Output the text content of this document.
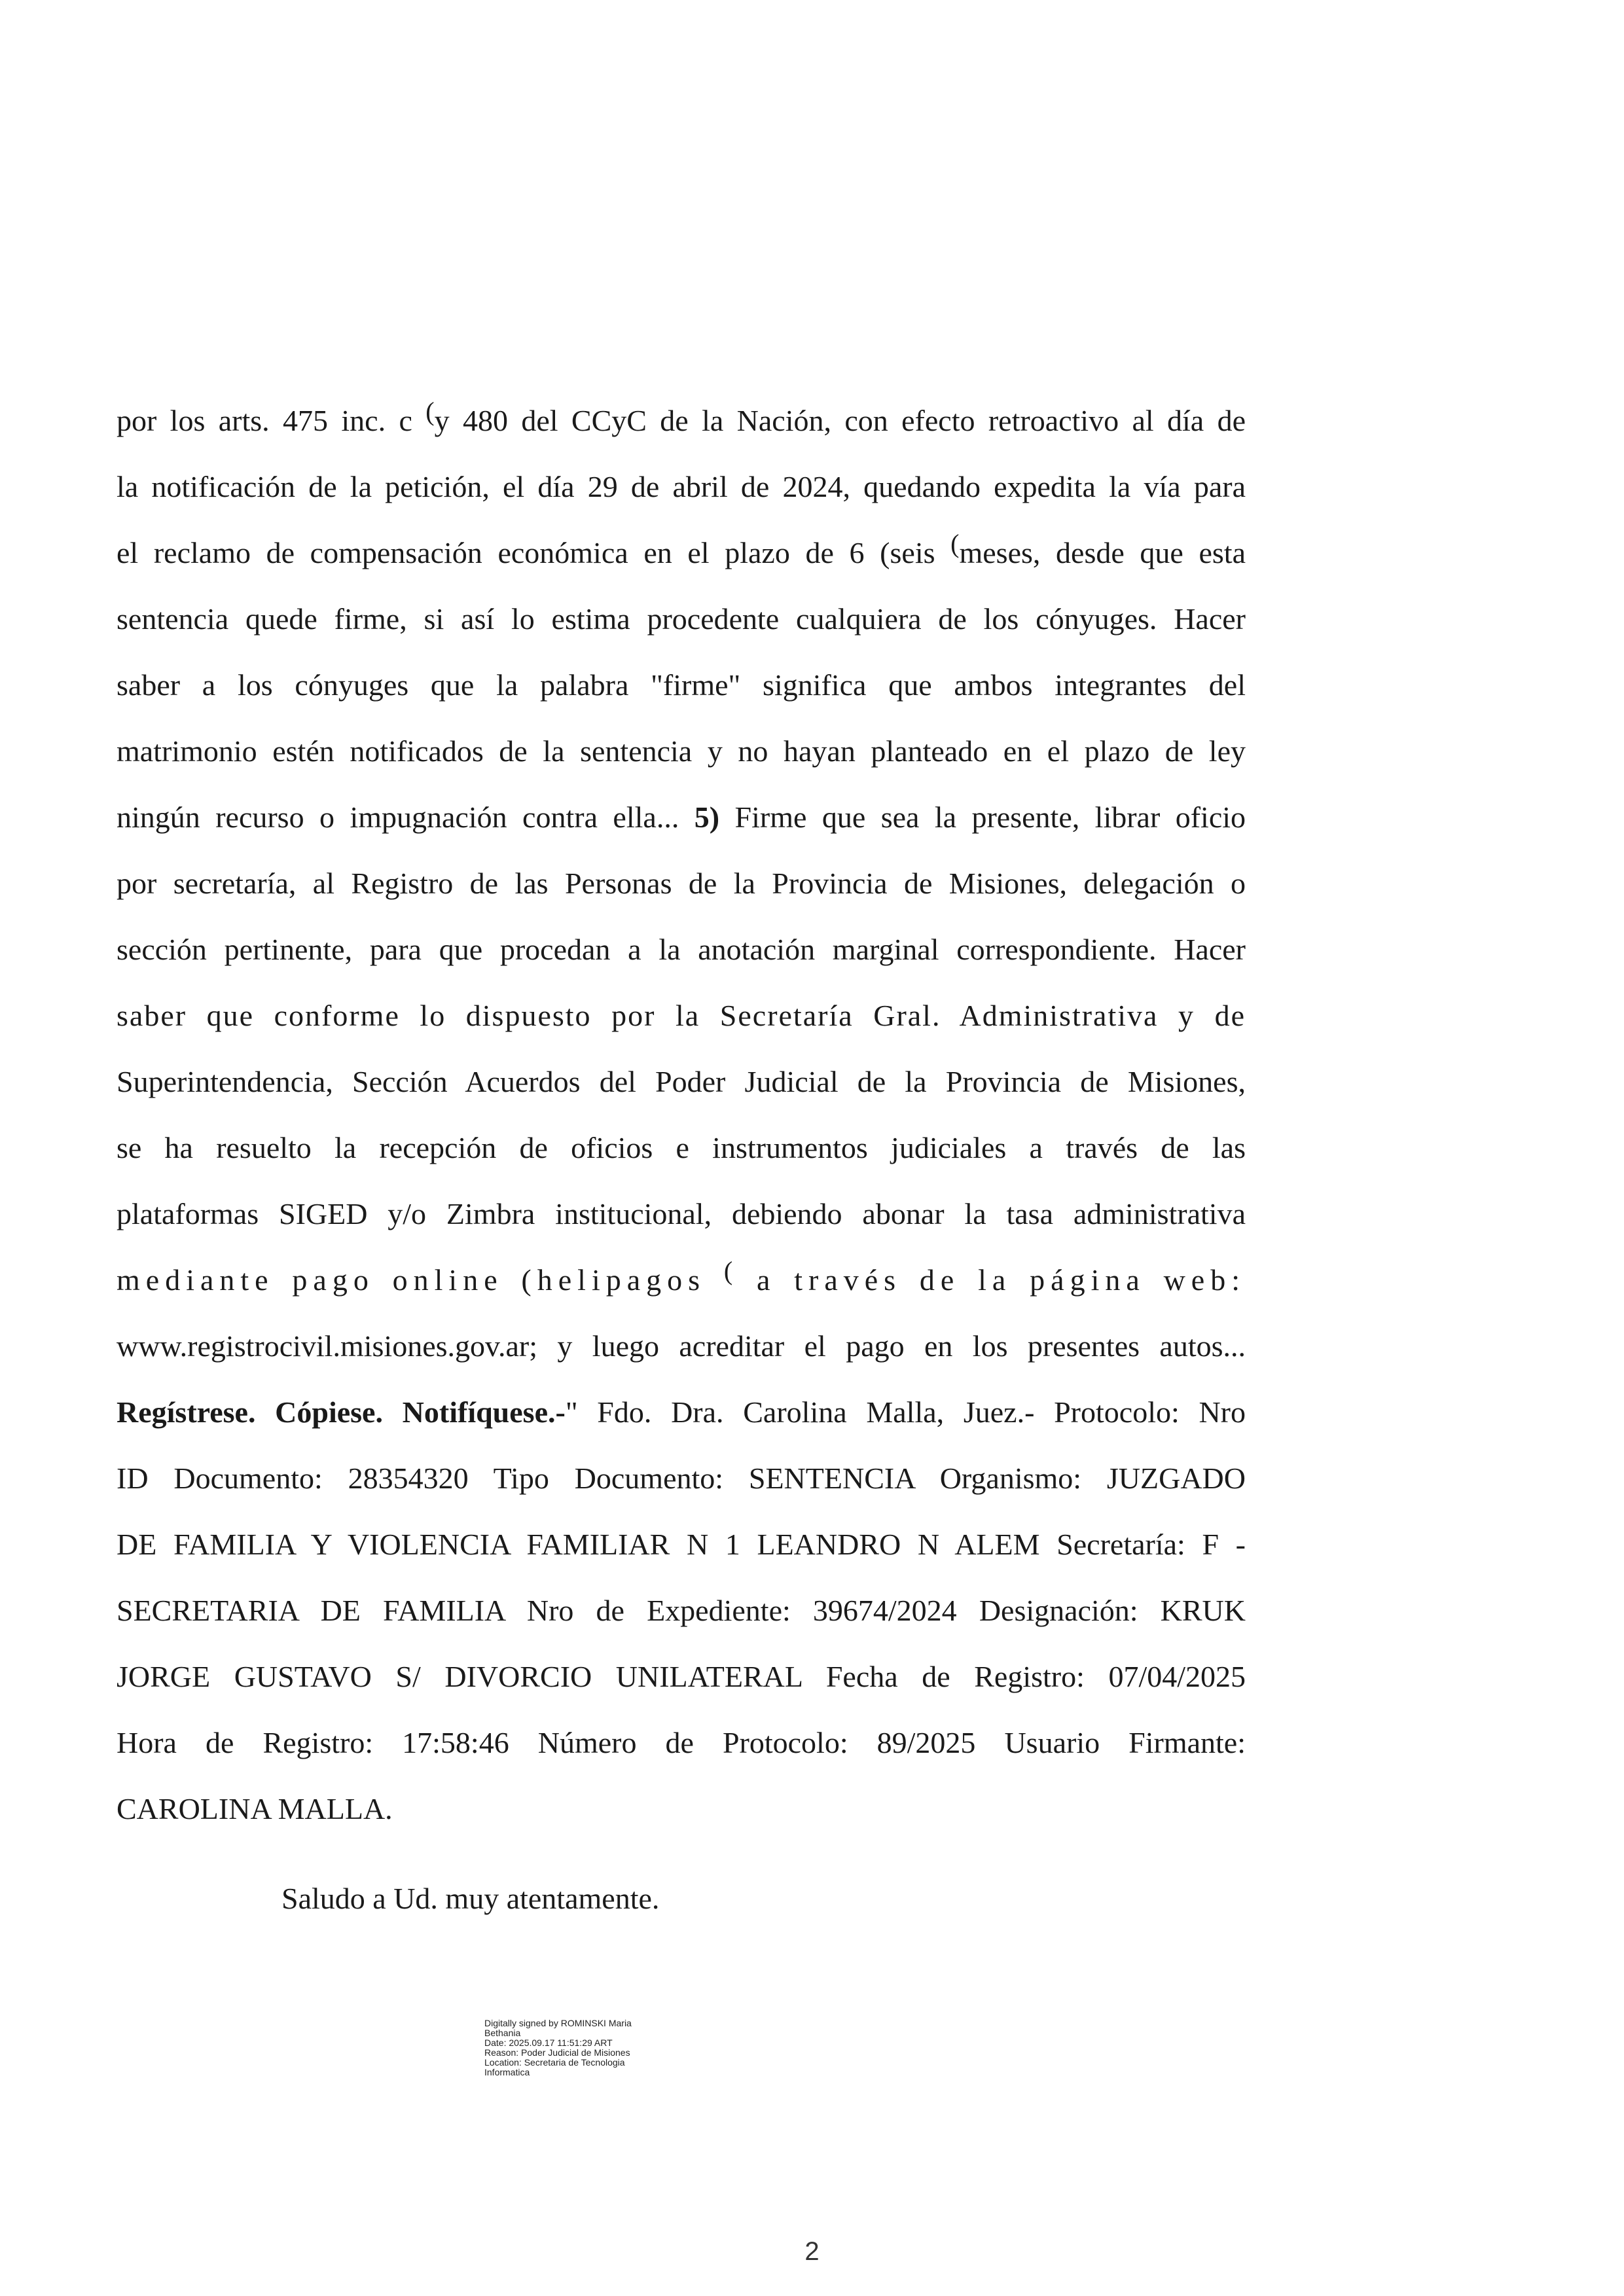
por los arts. 475 inc. c (y 480 del CCyC de la Nación, con efecto retroactivo al día de
la notificación de la petición, el día 29 de abril de 2024, quedando expedita la vía para
el reclamo de compensación económica en el plazo de 6 (seis (meses, desde que esta
sentencia quede firme, si así lo estima procedente cualquiera de los cónyuges. Hacer
saber a los cónyuges que la palabra "firme" significa que ambos integrantes del
matrimonio estén notificados de la sentencia y no hayan planteado en el plazo de ley
ningún recurso o impugnación contra ella... 5) Firme que sea la presente, librar oficio
por secretaría, al Registro de las Personas de la Provincia de Misiones, delegación o
sección pertinente, para que procedan a la anotación marginal correspondiente. Hacer
saber que conforme lo dispuesto por la Secretaría Gral. Administrativa y de
Superintendencia, Sección Acuerdos del Poder Judicial de la Provincia de Misiones,
se ha resuelto la recepción de oficios e instrumentos judiciales a través de las
plataformas SIGED y/o Zimbra institucional, debiendo abonar la tasa administrativa
mediante pago online (helipagos ( a través de la página web:
www.registrocivil.misiones.gov.ar; y luego acreditar el pago en los presentes autos...
Regístrese. Cópiese. Notifíquese.-" Fdo. Dra. Carolina Malla, Juez.- Protocolo: Nro
ID Documento: 28354320 Tipo Documento: SENTENCIA Organismo: JUZGADO
DE FAMILIA Y VIOLENCIA FAMILIAR N 1 LEANDRO N ALEM Secretaría: F -
SECRETARIA DE FAMILIA Nro de Expediente: 39674/2024 Designación: KRUK
JORGE GUSTAVO S/ DIVORCIO UNILATERAL Fecha de Registro: 07/04/2025
Hora de Registro: 17:58:46 Número de Protocolo: 89/2025 Usuario Firmante:
CAROLINA MALLA.
Saludo a Ud. muy atentamente.
Digitally signed by ROMINSKI Maria
Bethania
Date: 2025.09.17 11:51:29 ART
Reason: Poder Judicial de Misiones
Location: Secretaria de Tecnologia
Informatica
2
